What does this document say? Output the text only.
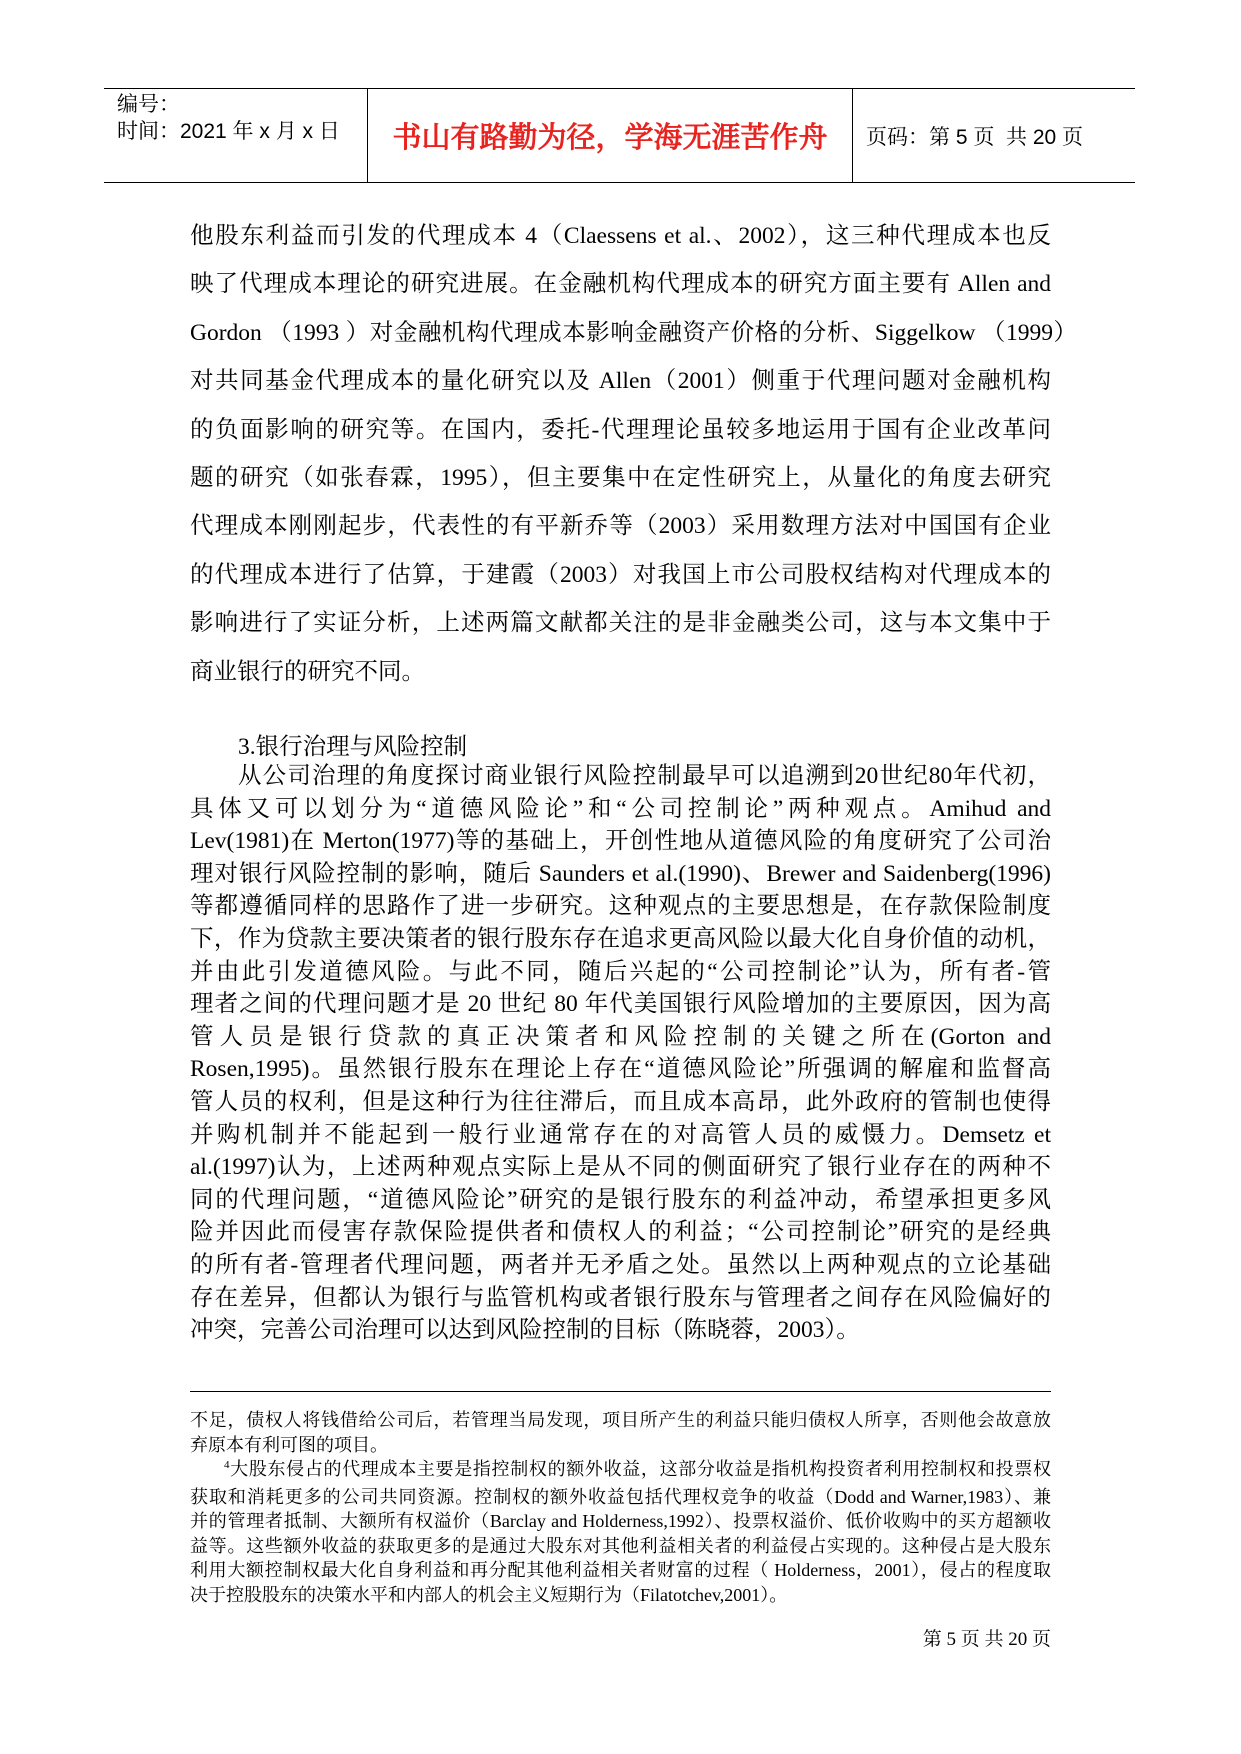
编号：
时间：2021 年 x 月 x 日	书山有路勤为径，学海无涯苦作舟 页码：第 5 页  共 20 页
他股东利益而引发的代理成本 4（Claessens et al.、2002），这三种代理成本也反
映了代理成本理论的研究进展。在金融机构代理成本的研究方面主要有 Allen and
Gordon （1993 ）对金融机构代理成本影响金融资产价格的分析、Siggelkow （1999）
对共同基金代理成本的量化研究以及 Allen（2001）侧重于代理问题对金融机构
的负面影响的研究等。在国内，委托-代理理论虽较多地运用于国有企业改革问
题的研究（如张春霖，1995），但主要集中在定性研究上，从量化的角度去研究
代理成本刚刚起步，代表性的有平新乔等（2003）采用数理方法对中国国有企业
的代理成本进行了估算，于建霞（2003）对我国上市公司股权结构对代理成本的
影响进行了实证分析，上述两篇文献都关注的是非金融类公司，这与本文集中于
商业银行的研究不同。
3.银行治理与风险控制
从公司治理的角度探讨商业银行风险控制最早可以追溯到20世纪80年代初，
具体又可以划分为“道德风险论”和“公司控制论”两种观点。Amihud and
Lev(1981)在 Merton(1977)等的基础上，开创性地从道德风险的角度研究了公司治
理对银行风险控制的影响，随后 Saunders et al.(1990)、Brewer and Saidenberg(1996)
等都遵循同样的思路作了进一步研究。这种观点的主要思想是，在存款保险制度
下，作为贷款主要决策者的银行股东存在追求更高风险以最大化自身价值的动机，
并由此引发道德风险。与此不同，随后兴起的“公司控制论”认为，所有者-管
理者之间的代理问题才是 20 世纪 80 年代美国银行风险增加的主要原因，因为高
管人员是银行贷款的真正决策者和风险控制的关键之所在(Gorton and
Rosen,1995)。虽然银行股东在理论上存在“道德风险论”所强调的解雇和监督高
管人员的权利，但是这种行为往往滞后，而且成本高昂，此外政府的管制也使得
并购机制并不能起到一般行业通常存在的对高管人员的威慑力。Demsetz et
al.(1997)认为，上述两种观点实际上是从不同的侧面研究了银行业存在的两种不
同的代理问题，“道德风险论”研究的是银行股东的利益冲动，希望承担更多风
险并因此而侵害存款保险提供者和债权人的利益；“公司控制论”研究的是经典
的所有者-管理者代理问题，两者并无矛盾之处。虽然以上两种观点的立论基础
存在差异，但都认为银行与监管机构或者银行股东与管理者之间存在风险偏好的
冲突，完善公司治理可以达到风险控制的目标（陈晓蓉，2003）。
不足，债权人将钱借给公司后，若管理当局发现，项目所产生的利益只能归债权人所享，否则他会故意放
弃原本有利可图的项目。
$^4$大股东侵占的代理成本主要是指控制权的额外收益，这部分收益是指机构投资者利用控制权和投票权
获取和消耗更多的公司共同资源。控制权的额外收益包括代理权竞争的收益（Dodd and Warner,1983）、兼
并的管理者抵制、大额所有权溢价（Barclay and Holderness,1992）、投票权溢价、低价收购中的买方超额收
益等。这些额外收益的获取更多的是通过大股东对其他利益相关者的利益侵占实现的。这种侵占是大股东
利用大额控制权最大化自身利益和再分配其他利益相关者财富的过程（ Holderness，2001），侵占的程度取
决于控股股东的决策水平和内部人的机会主义短期行为（Filatotchev,2001）。
第 5 页 共 20 页
